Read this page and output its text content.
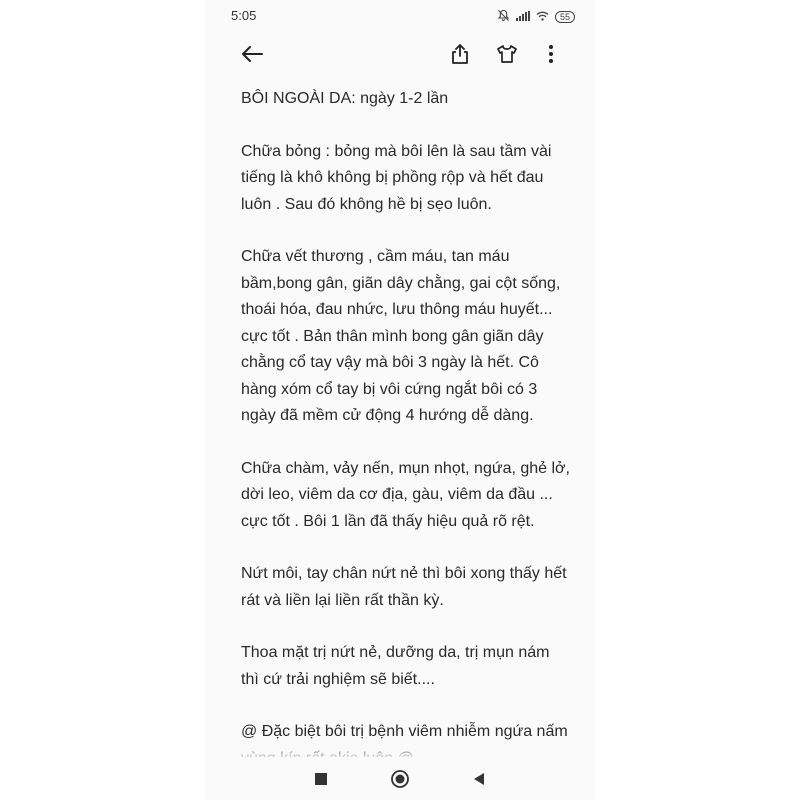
5:05	55

BÔI NGOÀI DA: ngày 1-2 lần

Chữa bỏng : bỏng mà bôi lên là sau tầm vài tiếng là khô không bị phồng rộp và hết đau luôn . Sau đó không hề bị sẹo luôn.

Chữa vết thương , cầm máu, tan máu bầm,bong gân, giãn dây chằng, gai cột sống, thoái hóa, đau nhức, lưu thông máu huyết... cực tốt . Bản thân mình bong gân giãn dây chằng cổ tay vậy mà bôi 3 ngày là hết. Cô hàng xóm cổ tay bị vôi cứng ngắt bôi có 3 ngày đã mềm cử động 4 hướng dễ dàng.

Chữa chàm, vảy nến, mụn nhọt, ngứa, ghẻ lở, dời leo, viêm da cơ địa, gàu, viêm da đầu ... cực tốt . Bôi 1 lần đã thấy hiệu quả rõ rệt.

Nứt môi, tay chân nứt nẻ thì bôi xong thấy hết rát và liền lại liền rất thần kỳ.

Thoa mặt trị nứt nẻ, dưỡng da, trị mụn nám thì cứ trải nghiệm sẽ biết....

@ Đặc biệt bôi trị bệnh viêm nhiễm ngứa nấm
